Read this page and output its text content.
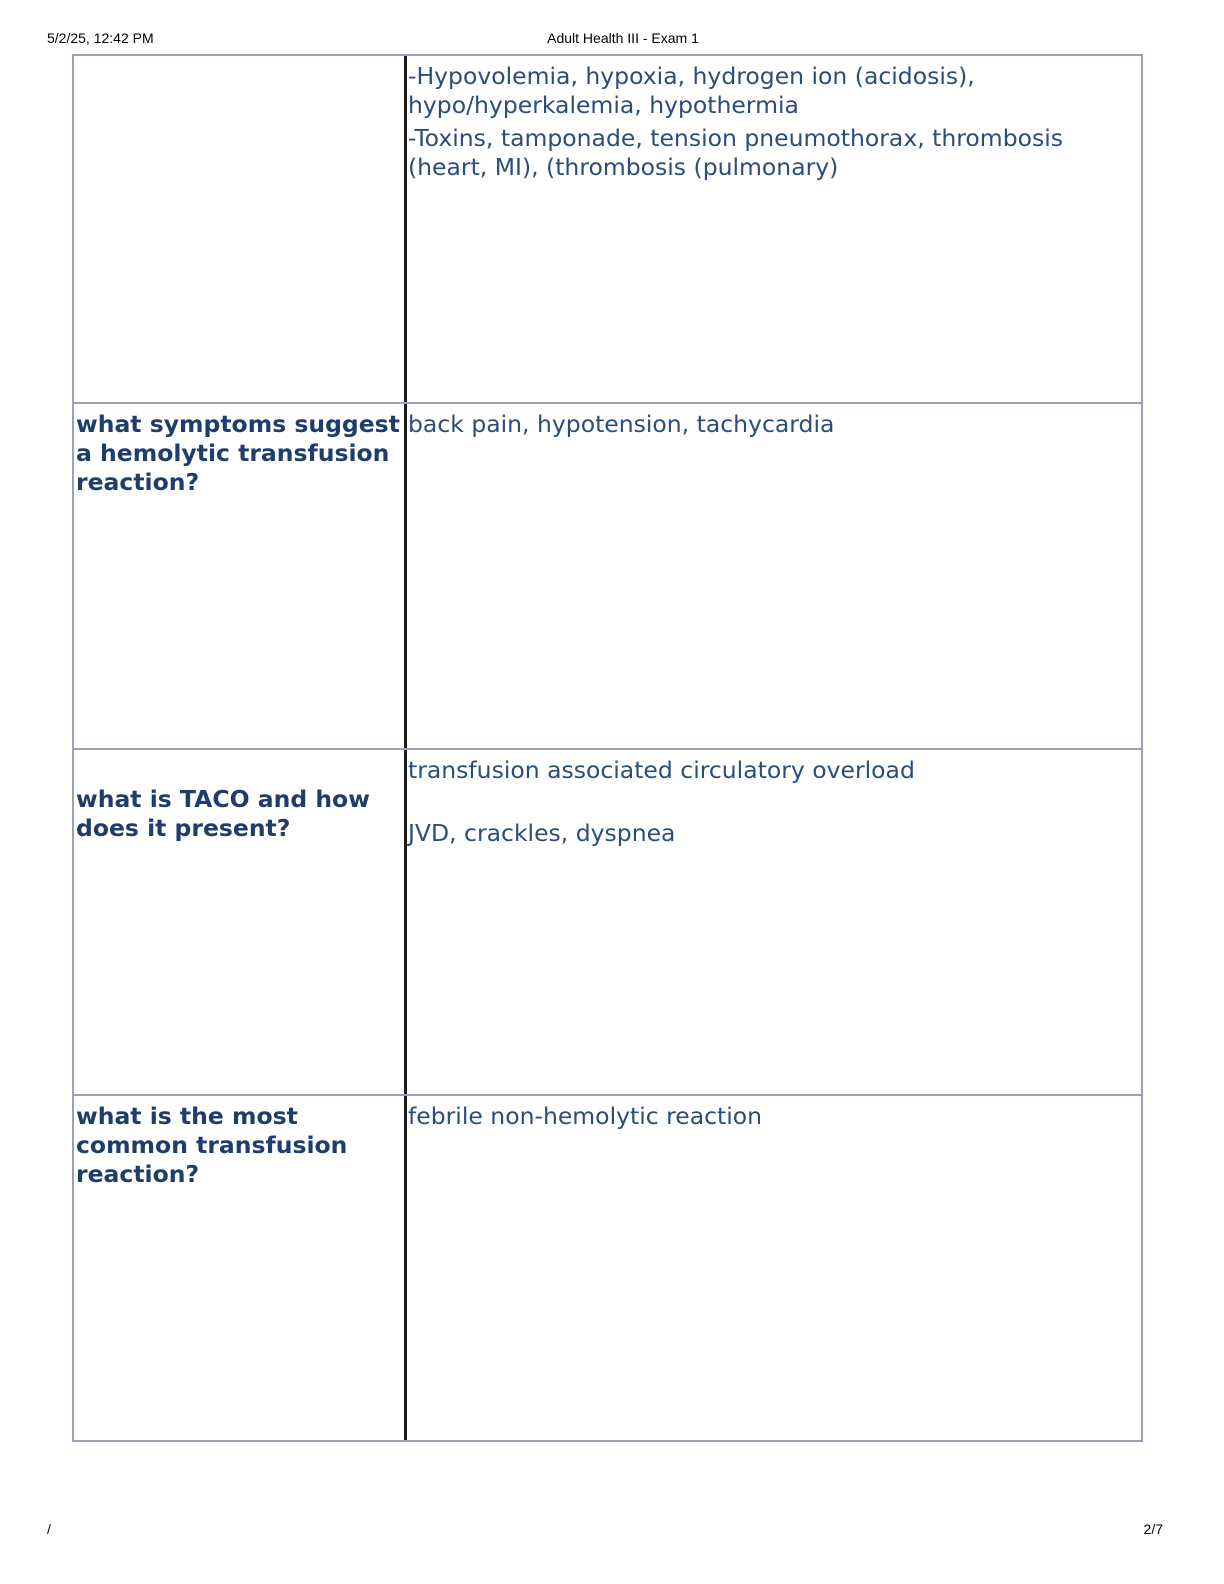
5/2/25, 12:42 PM	Adult Health III - Exam 1

-Hypovolemia, hypoxia, hydrogen ion (acidosis), hypo/hyperkalemia, hypothermia

-Toxins, tamponade, tension pneumothorax, thrombosis (heart, MI), (thrombosis (pulmonary)

what symptoms suggest a hemolytic transfusion reaction?

back pain, hypotension, tachycardia

what is TACO and how does it present?

transfusion associated circulatory overload

JVD, crackles, dyspnea

what is the most common transfusion reaction?

febrile non-hemolytic reaction

/	2/7
